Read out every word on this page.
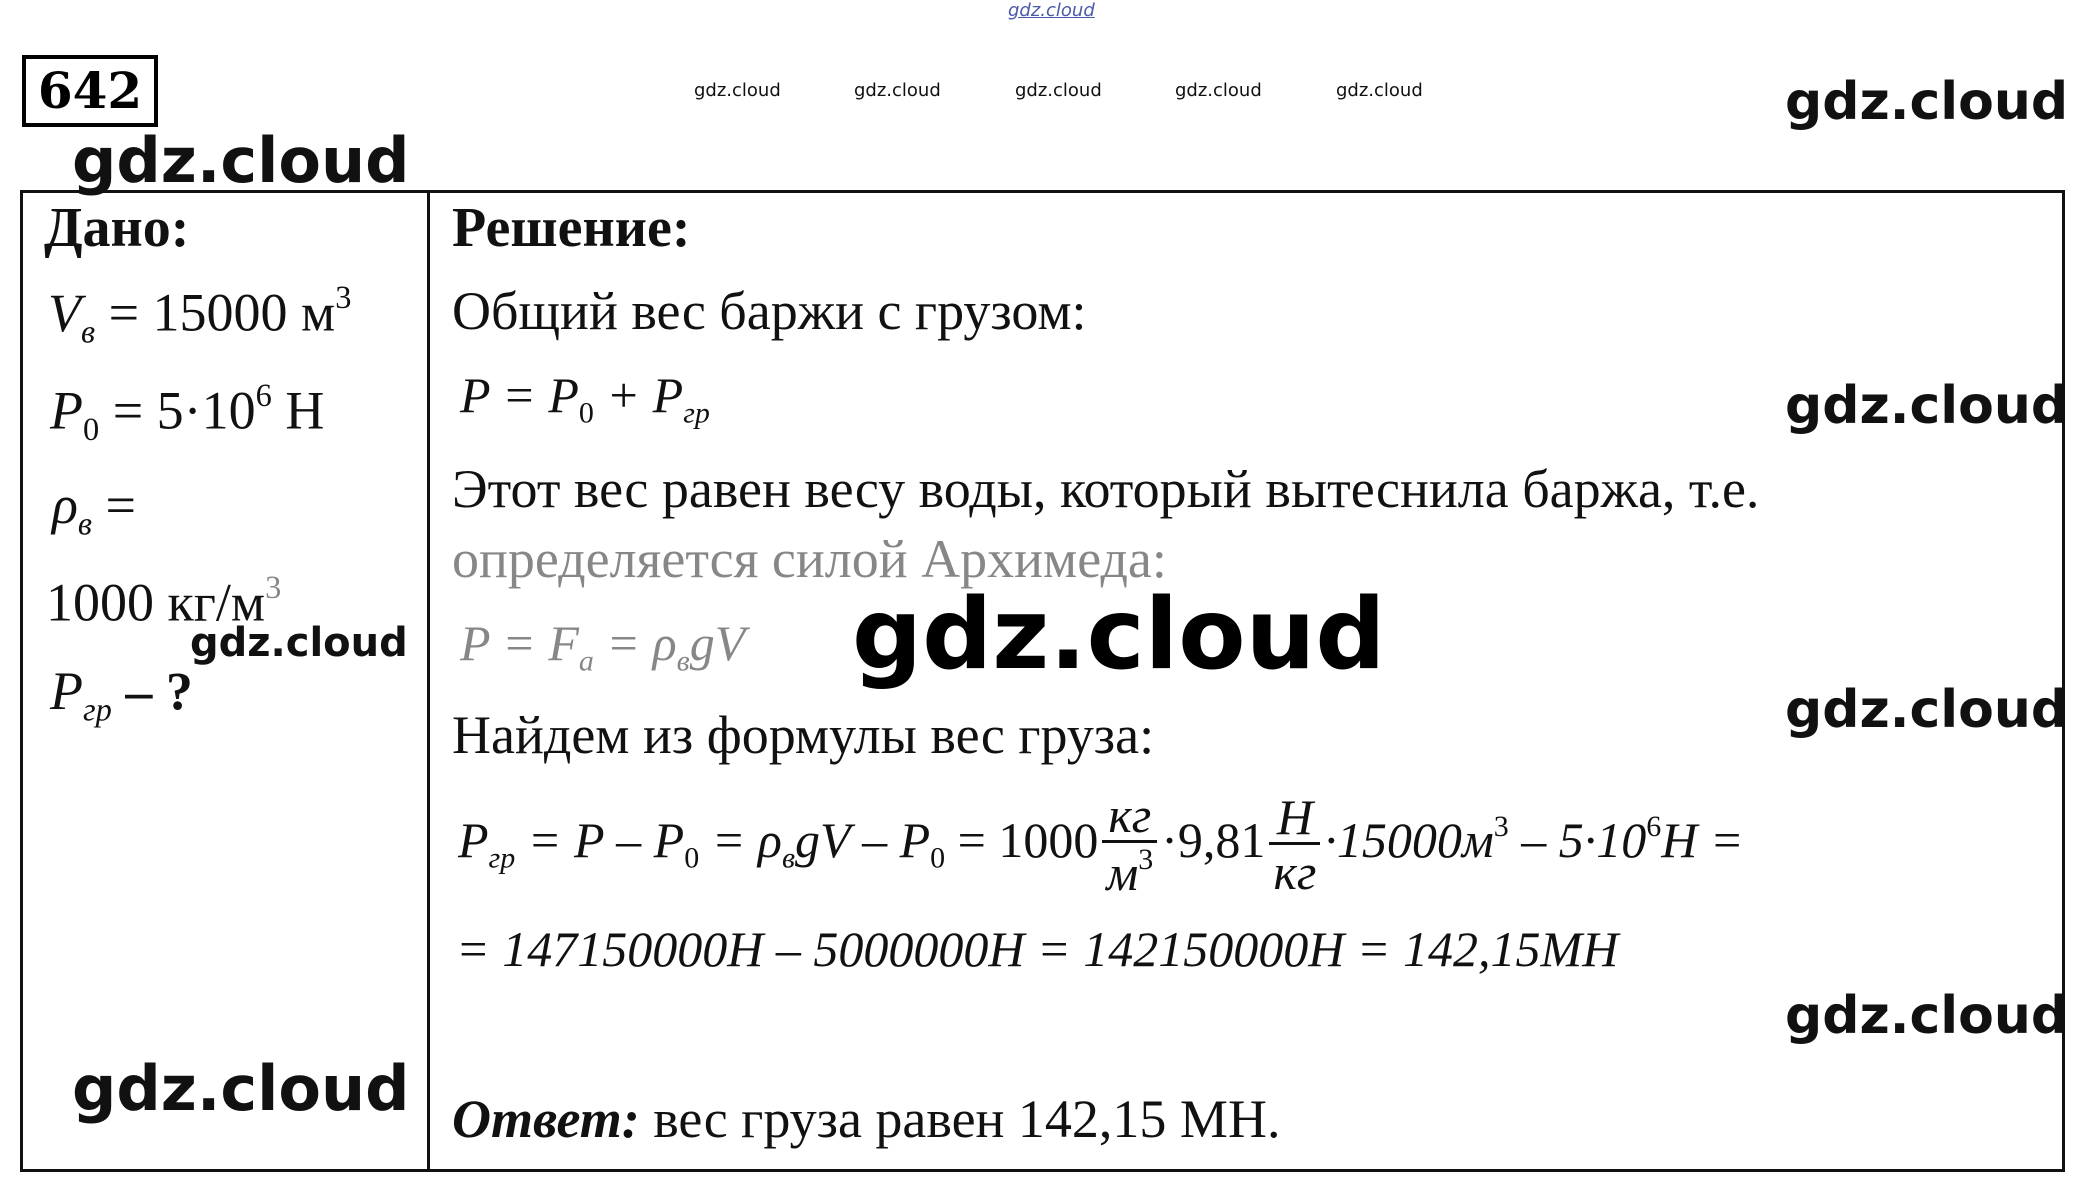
gdz.cloud
642	gdz.cloud	gdz.cloud	gdz.cloud	gdz.cloud	gdz.cloud	gdz.cloud
gdz.cloud
Дано:
$V_в = 15000$ $м^3$
$P_0 = 5\cdot 10^6$ Н
$\rho_в$ =
1000 $кг/м^3$
gdz.cloud
$P_{гр}$ – ?
gdz.cloud
Решение:
Общий вес баржи с грузом:
$P = P_0 + P_{гр}$	gdz.cloud
Этот вес равен весу воды, который вытеснила баржа, т.е.
определяется силой Архимеда:
$P = F_a = \rho_вgV$ gdz.cloud
gdz.cloud
Найдем из формулы вес груза:
$P_{гр} = P - P_0 = \rho_вgV - P_0 = 1000 \frac{кг}{м^3} \cdot 9,81 \frac{Н}{кг} \cdot 15000м^3 - 5\cdot 10^6Н$ =
= 147150000Н – 5000000Н = 142150000Н = 142,15МН
gdz.cloud
Ответ: вес груза равен 142,15 МН.
